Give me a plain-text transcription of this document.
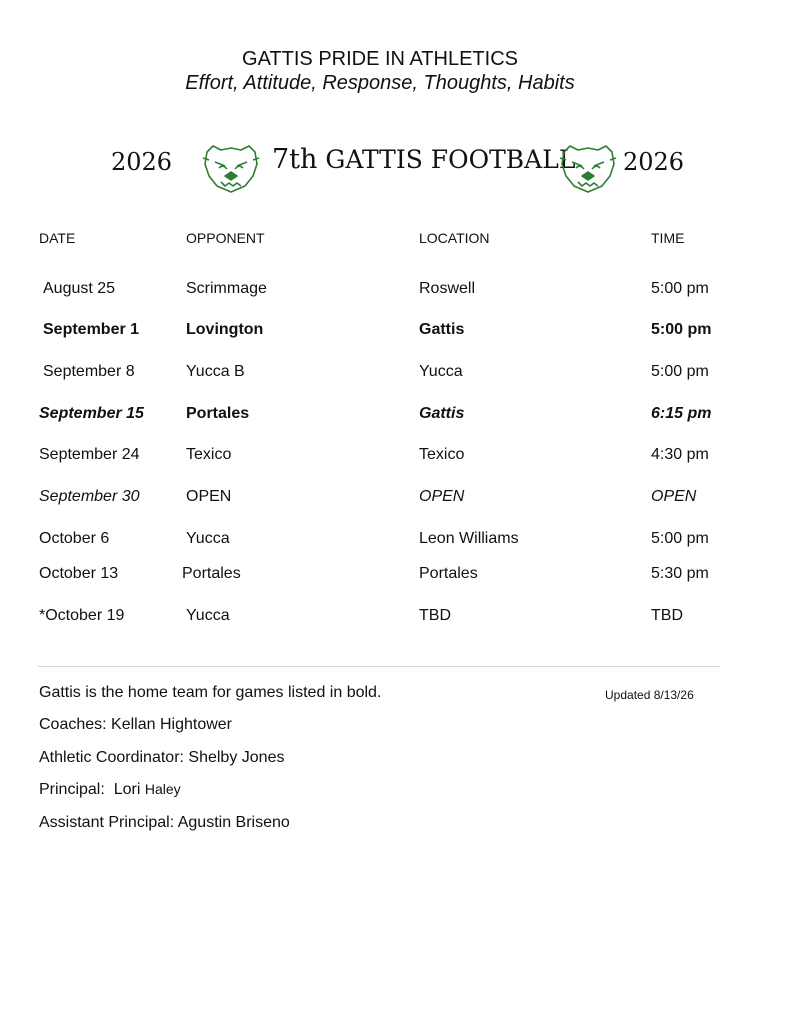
GATTIS PRIDE IN ATHLETICS
Effort, Attitude, Response, Thoughts, Habits
2026	7th GATTIS FOOTBALL 2026
DATE	OPPONENT	LOCATION	TIME
August 25	Scrimmage	Roswell	5:00 pm
September 1	Lovington	Gattis	5:00 pm
September 8	Yucca B	Yucca	5:00 pm
September 15	Portales	Gattis	6:15 pm
September 24	Texico	Texico	4:30 pm
September 30	OPEN	OPEN	OPEN
October 6	Yucca	Leon Williams	5:00 pm
October 13	Portales	Portales	5:30 pm
*October 19	Yucca	TBD	TBD
Gattis is the home team for games listed in bold.	Updated 8/13/26
Coaches: Kellan Hightower
Athletic Coordinator: Shelby Jones
Principal:  Lori Haley
Assistant Principal: Agustin Briseno
